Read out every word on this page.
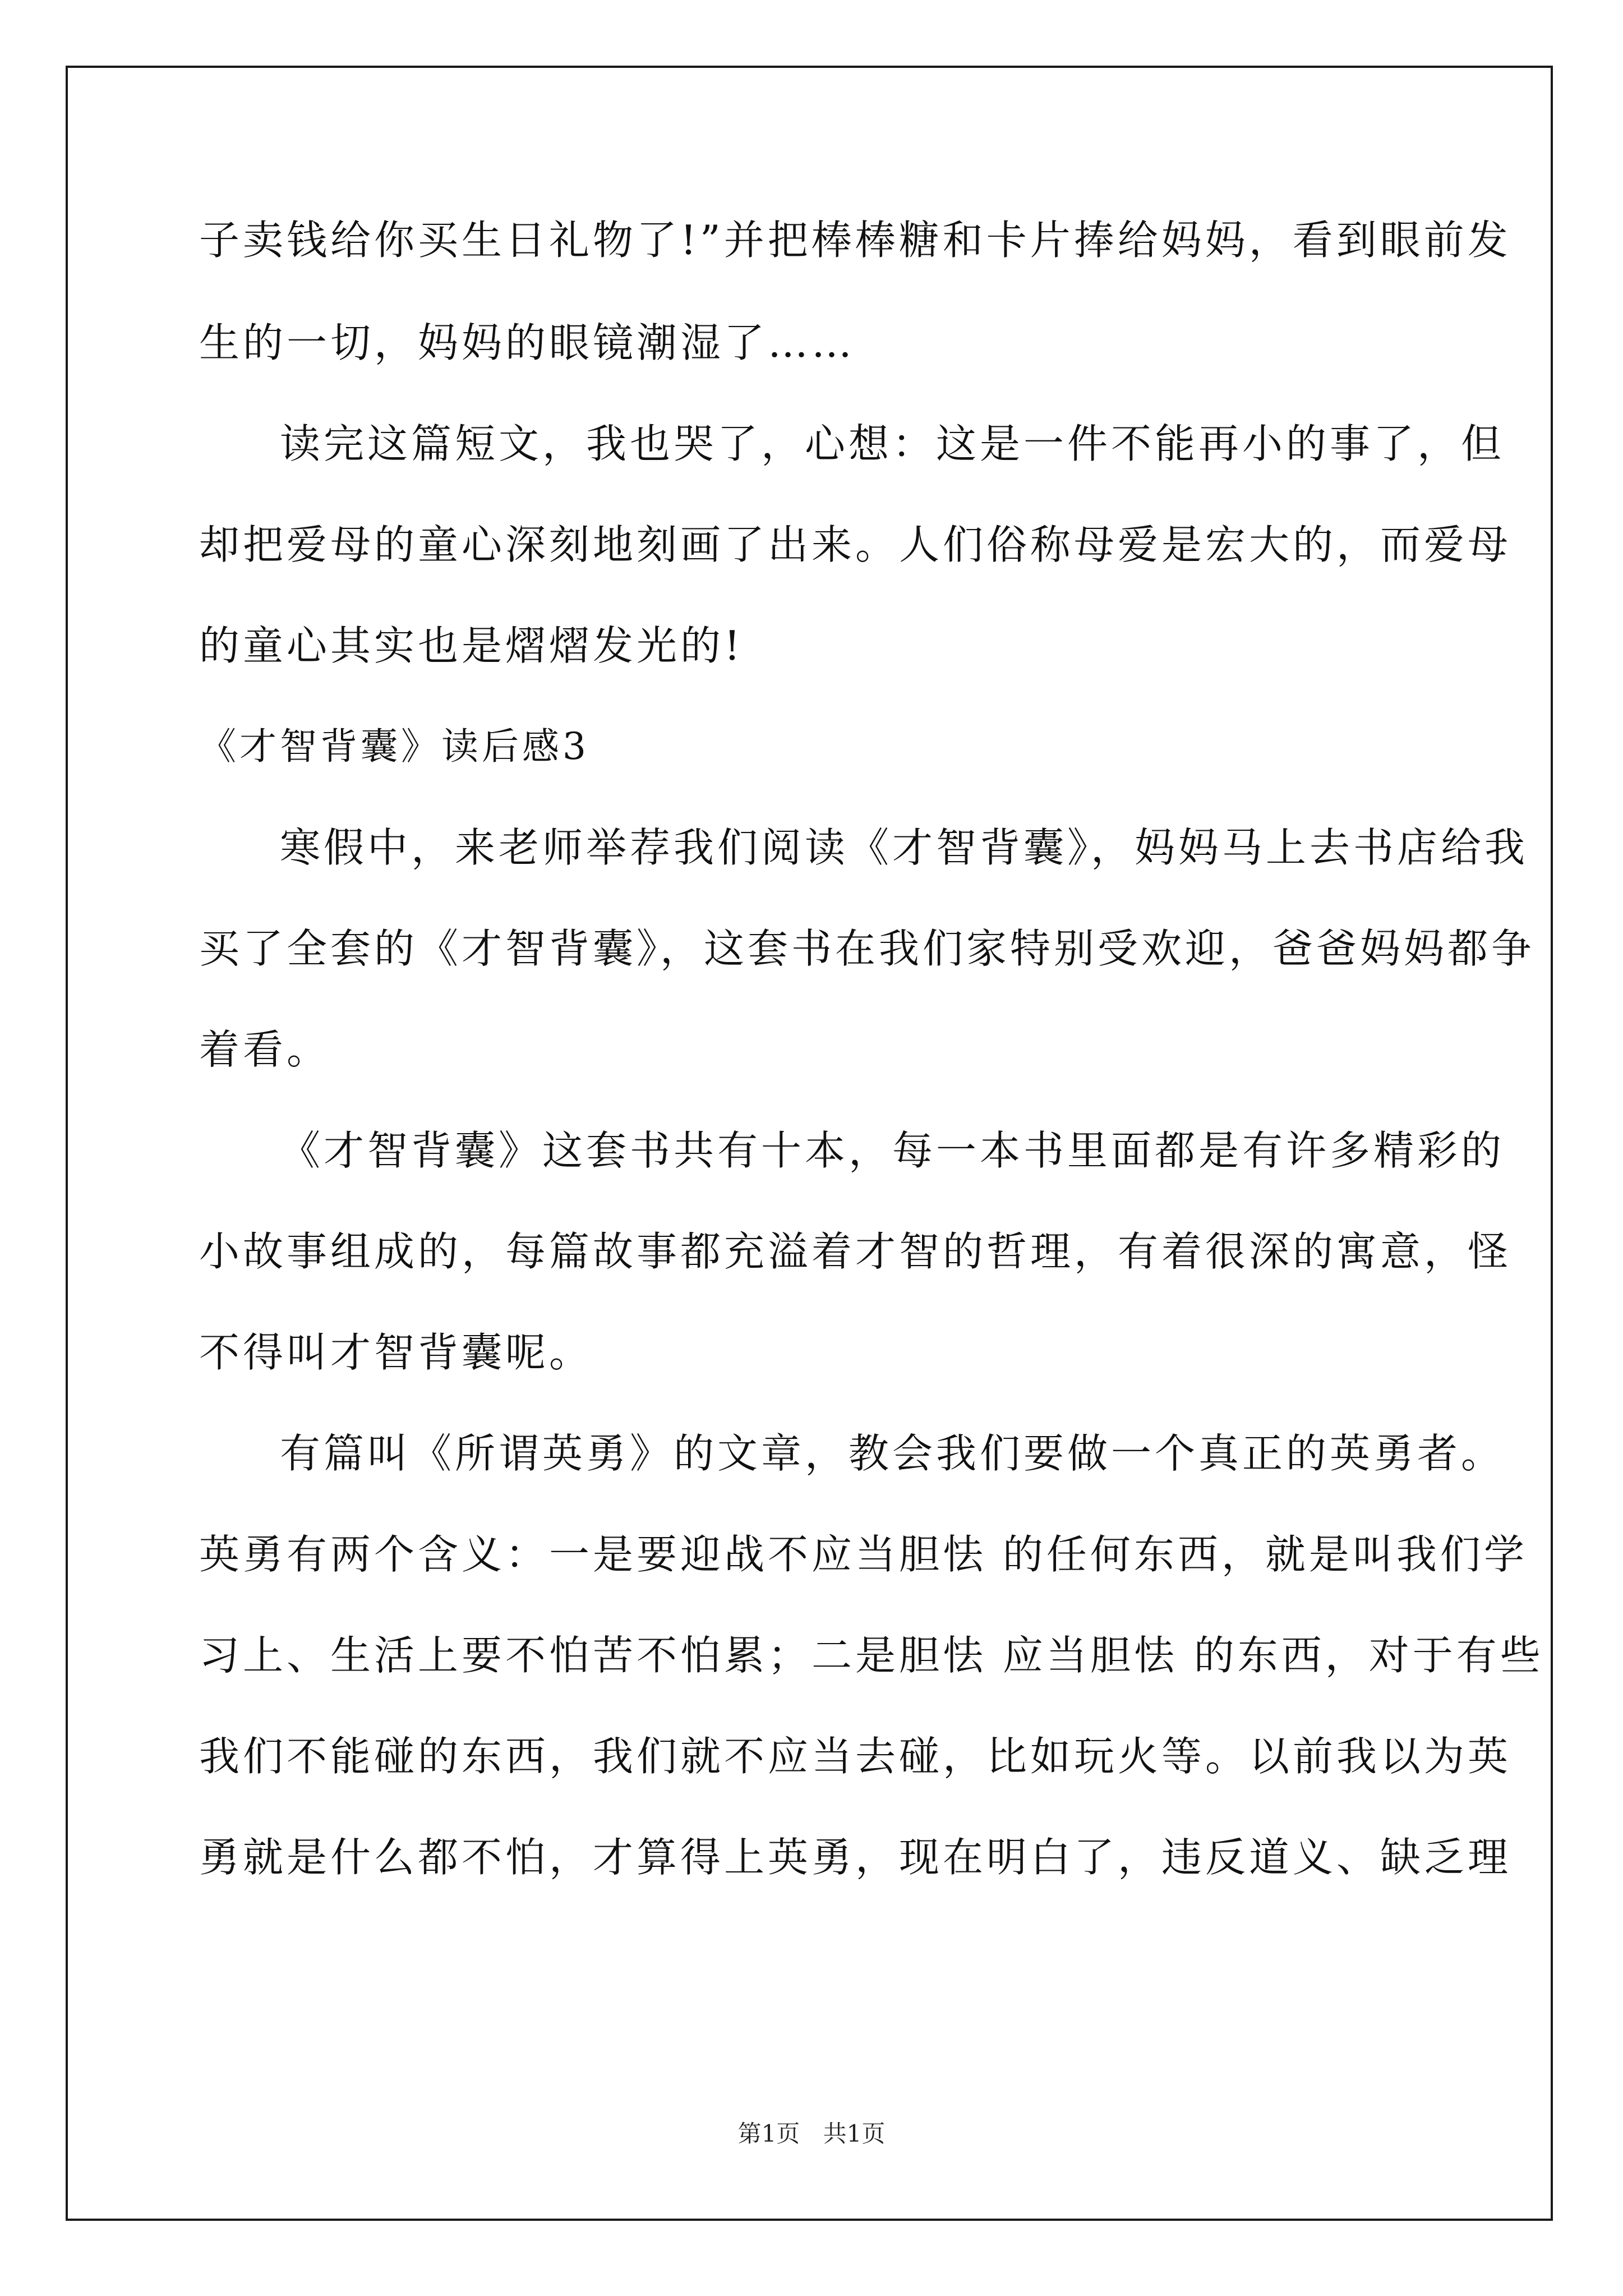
子卖钱给你买生日礼物了!”并把棒棒糖和卡片捧给妈妈，看到眼前发
生的一切，妈妈的眼镜潮湿了……
读完这篇短文，我也哭了，心想：这是一件不能再小的事了，但
却把爱母的童心深刻地刻画了出来。人们俗称母爱是宏大的，而爱母
的童心其实也是熠熠发光的!
《才智背囊》读后感3
寒假中，来老师举荐我们阅读《才智背囊》，妈妈马上去书店给我
买了全套的《才智背囊》，这套书在我们家特别受欢迎，爸爸妈妈都争
着看。
《才智背囊》这套书共有十本，每一本书里面都是有许多精彩的
小故事组成的，每篇故事都充溢着才智的哲理，有着很深的寓意，怪
不得叫才智背囊呢。
有篇叫《所谓英勇》的文章，教会我们要做一个真正的英勇者。
英勇有两个含义：一是要迎战不应当胆怯 的任何东西，就是叫我们学
习上、生活上要不怕苦不怕累；二是胆怯 应当胆怯 的东西，对于有些
我们不能碰的东西，我们就不应当去碰，比如玩火等。以前我以为英
勇就是什么都不怕，才算得上英勇，现在明白了，违反道义、缺乏理
第1页 共1页
